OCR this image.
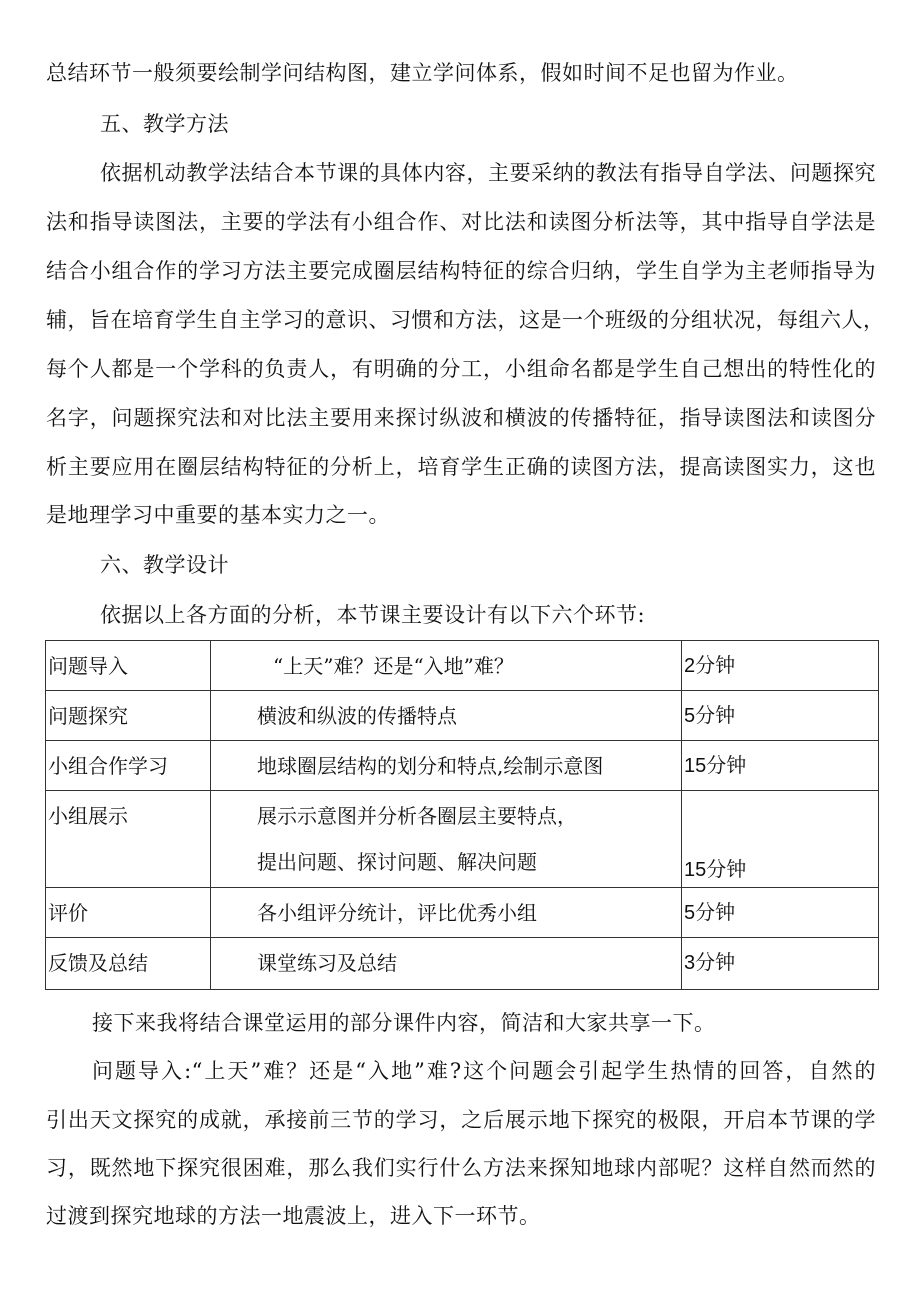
总结环节一般须要绘制学问结构图，建立学问体系，假如时间不足也留为作业。
五、教学方法
依据机动教学法结合本节课的具体内容，主要采纳的教法有指导自学法、问题探究
法和指导读图法，主要的学法有小组合作、对比法和读图分析法等，其中指导自学法是
结合小组合作的学习方法主要完成圈层结构特征的综合归纳，学生自学为主老师指导为
辅，旨在培育学生自主学习的意识、习惯和方法，这是一个班级的分组状况，每组六人，
每个人都是一个学科的负责人，有明确的分工，小组命名都是学生自己想出的特性化的
名字，问题探究法和对比法主要用来探讨纵波和横波的传播特征，指导读图法和读图分
析主要应用在圈层结构特征的分析上，培育学生正确的读图方法，提高读图实力，这也
是地理学习中重要的基本实力之一。
六、教学设计
依据以上各方面的分析，本节课主要设计有以下六个环节:
问题导入	“上天”难？还是“入地”难？	2分钟

问题探究	横波和纵波的传播特点	5分钟

小组合作学习	地球圈层结构的划分和特点,绘制示意图	15分钟

小组展示	展示示意图并分析各圈层主要特点，
提出问题、探讨问题、解决问题	15分钟

评价	各小组评分统计，评比优秀小组	5分钟

反馈及总结	课堂练习及总结	3分钟
接下来我将结合课堂运用的部分课件内容，简洁和大家共享一下。
问题导入:“上天”难？还是“入地”难?这个问题会引起学生热情的回答，自然的
引出天文探究的成就，承接前三节的学习，之后展示地下探究的极限，开启本节课的学
习，既然地下探究很困难，那么我们实行什么方法来探知地球内部呢？这样自然而然的
过渡到探究地球的方法一地震波上，进入下一环节。
